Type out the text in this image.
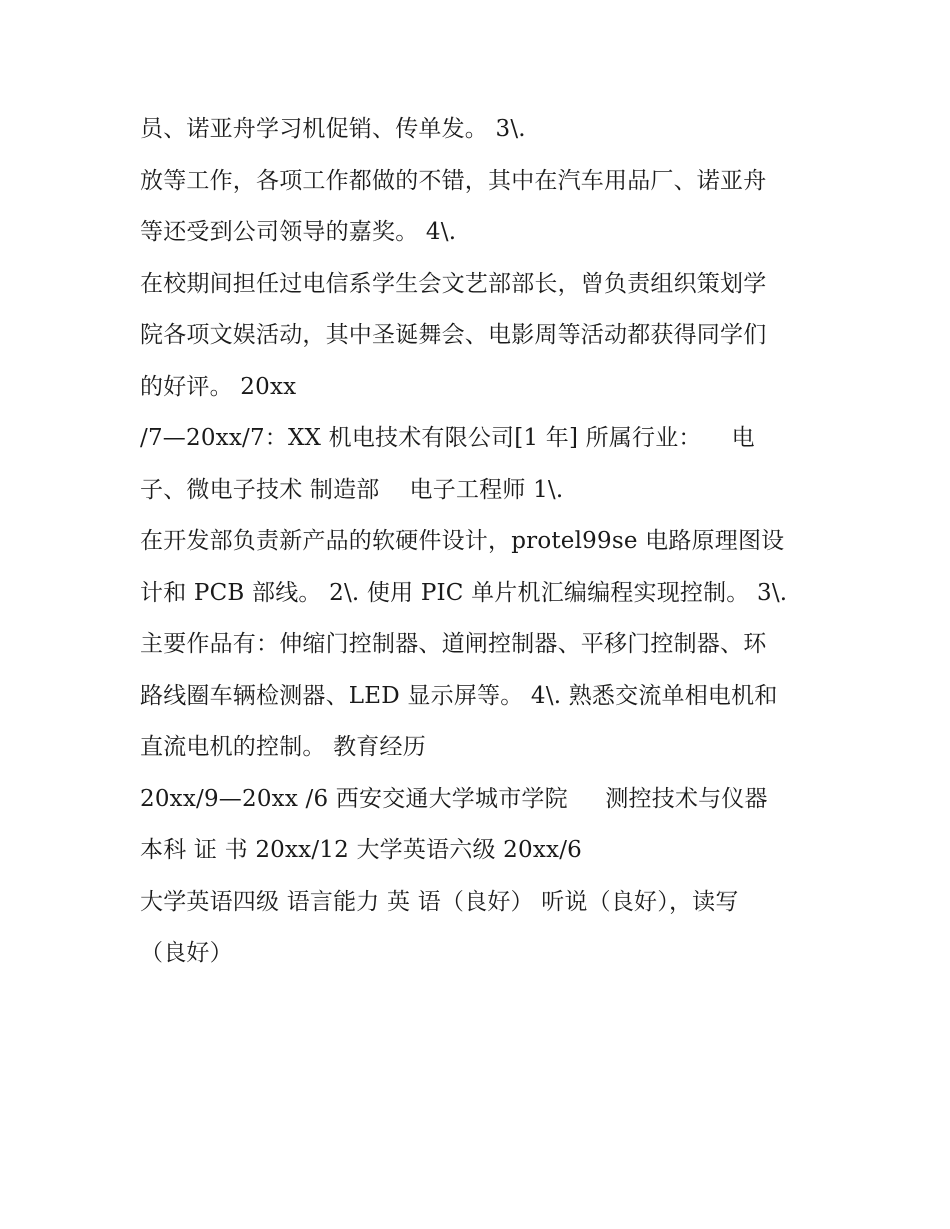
员、诺亚舟学习机促销、传单发。 3\.
放等工作，各项工作都做的不错，其中在汽车用品厂、诺亚舟
等还受到公司领导的嘉奖。 4\.
在校期间担任过电信系学生会文艺部部长，曾负责组织策划学
院各项文娱活动，其中圣诞舞会、电影周等活动都获得同学们
的好评。 20xx
/7—20xx/7：XX 机电技术有限公司[1 年] 所属行业：    电
子、微电子技术 制造部    电子工程师 1\.
在开发部负责新产品的软硬件设计，protel99se 电路原理图设
计和 PCB 部线。 2\. 使用 PIC 单片机汇编编程实现控制。 3\.
主要作品有：伸缩门控制器、道闸控制器、平移门控制器、环
路线圈车辆检测器、LED 显示屏等。 4\. 熟悉交流单相电机和
直流电机的控制。 教育经历
20xx/9—20xx /6 西安交通大学城市学院     测控技术与仪器
本科 证 书 20xx/12 大学英语六级 20xx/6
大学英语四级 语言能力 英 语（良好） 听说（良好），读写
（良好）
